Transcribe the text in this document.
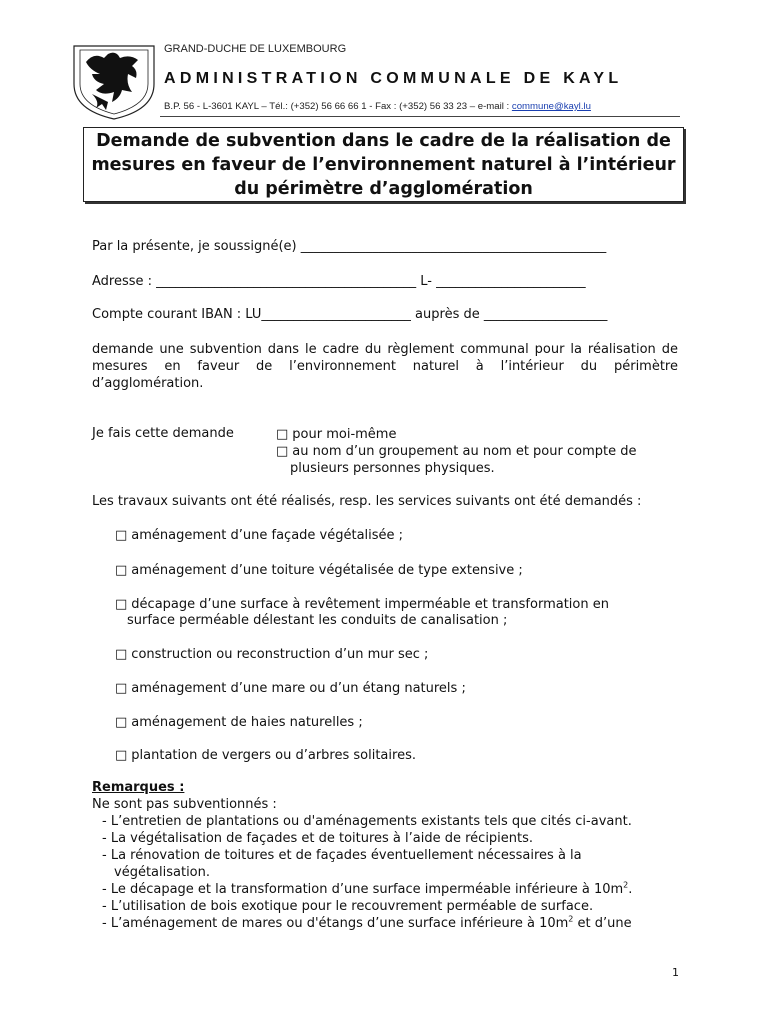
GRAND-DUCHE DE LUXEMBOURG
ADMINISTRATION COMMUNALE DE KAYL
B.P. 56 - L-3601 KAYL – Tél.: (+352) 56 66 66 1 - Fax : (+352) 56 33 23 – e-mail : commune@kayl.lu
Demande de subvention dans le cadre de la réalisation de
mesures en faveur de l’environnement naturel à l’intérieur
du périmètre d’agglomération
Par la présente, je soussigné(e) _______________________________________________
Adresse : ________________________________________ L- _______________________
Compte courant IBAN : LU_______________________ auprès de ___________________
demande une subvention dans le cadre du règlement communal pour la réalisation de mesures en faveur de l’environnement naturel à l’intérieur du périmètre d’agglomération.
Je fais cette demande
□	pour moi-même
□ au nom d’un groupement au nom et pour compte de
plusieurs personnes physiques.
Les travaux suivants ont été réalisés, resp. les services suivants ont été demandés :
□ aménagement d’une façade végétalisée ;
□ aménagement d’une toiture végétalisée de type extensive ;
□ décapage d’une surface à revêtement imperméable et transformation en
surface perméable délestant les conduits de canalisation ;
□ construction ou reconstruction d’un mur sec ;
□ aménagement d’une mare ou d’un étang naturels ;
□ aménagement de haies naturelles ;
□ plantation de vergers ou d’arbres solitaires.
Remarques :
Ne sont pas subventionnés :
- L’entretien de plantations ou d'aménagements existants tels que cités ci-avant.
- La végétalisation de façades et de toitures à l’aide de récipients.
- La rénovation de toitures et de façades éventuellement nécessaires à la
végétalisation.
- Le décapage et la transformation d’une surface imperméable inférieure à $10m^2$.
- L’utilisation de bois exotique pour le recouvrement perméable de surface.
- L’aménagement de mares ou d'étangs d’une surface inférieure à $10m^2$ et d’une
1
